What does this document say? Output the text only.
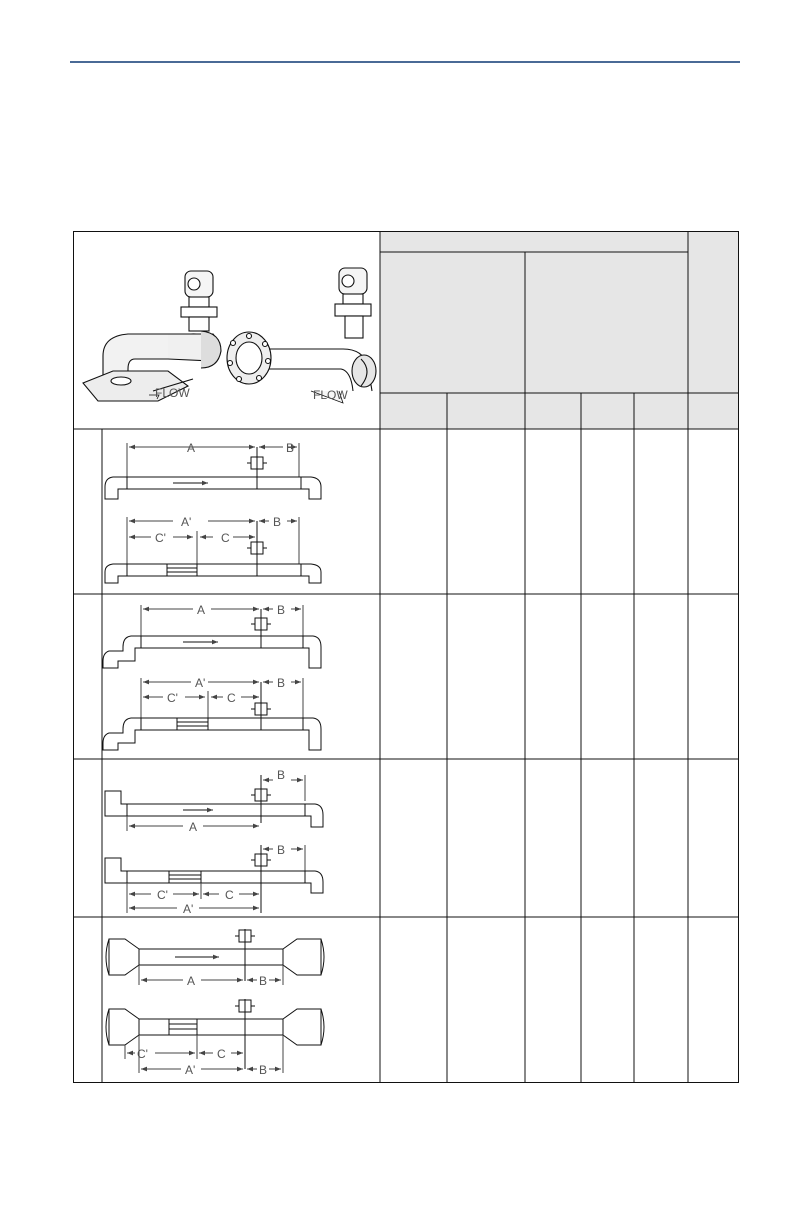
FLOW	FLOW
A	B
A'
C'	C
B
A	B
A'
C'	C
B
B
A
B
C'	C
A'
A	B
C'	C
A'	B
